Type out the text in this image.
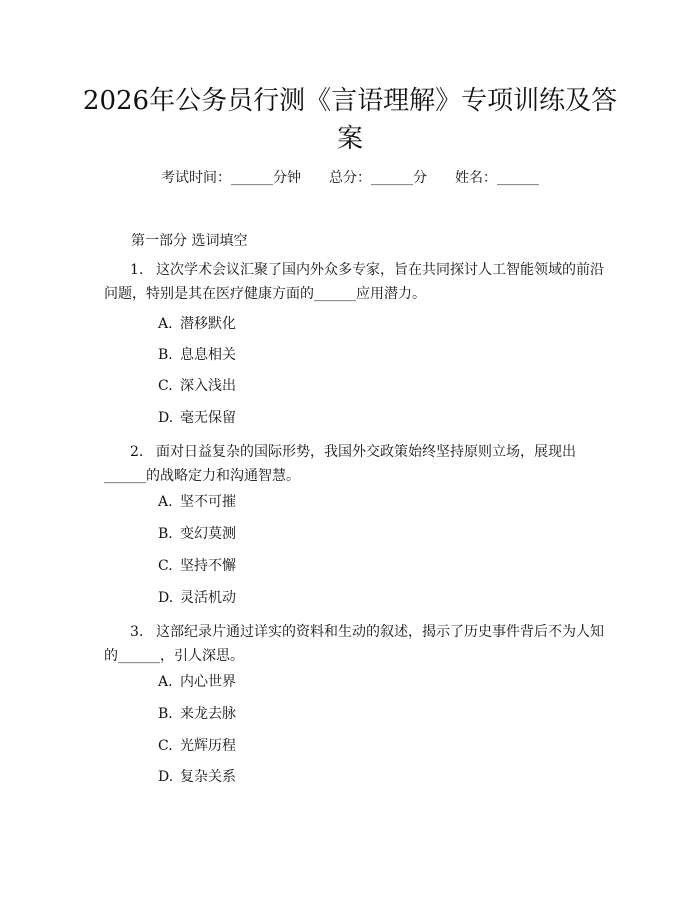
2026年公务员行测《言语理解》专项训练及答案
考试时间：______分钟 总分：______分 姓名：______
第一部分 选词填空
1. 这次学术会议汇聚了国内外众多专家，旨在共同探讨人工智能领域的前沿问题，特别是其在医疗健康方面的______应用潜力。
A. 潜移默化
B. 息息相关
C. 深入浅出
D. 毫无保留
2. 面对日益复杂的国际形势，我国外交政策始终坚持原则立场，展现出______的战略定力和沟通智慧。
A. 坚不可摧
B. 变幻莫测
C. 坚持不懈
D. 灵活机动
3. 这部纪录片通过详实的资料和生动的叙述，揭示了历史事件背后不为人知的______，引人深思。
A. 内心世界
B. 来龙去脉
C. 光辉历程
D. 复杂关系
